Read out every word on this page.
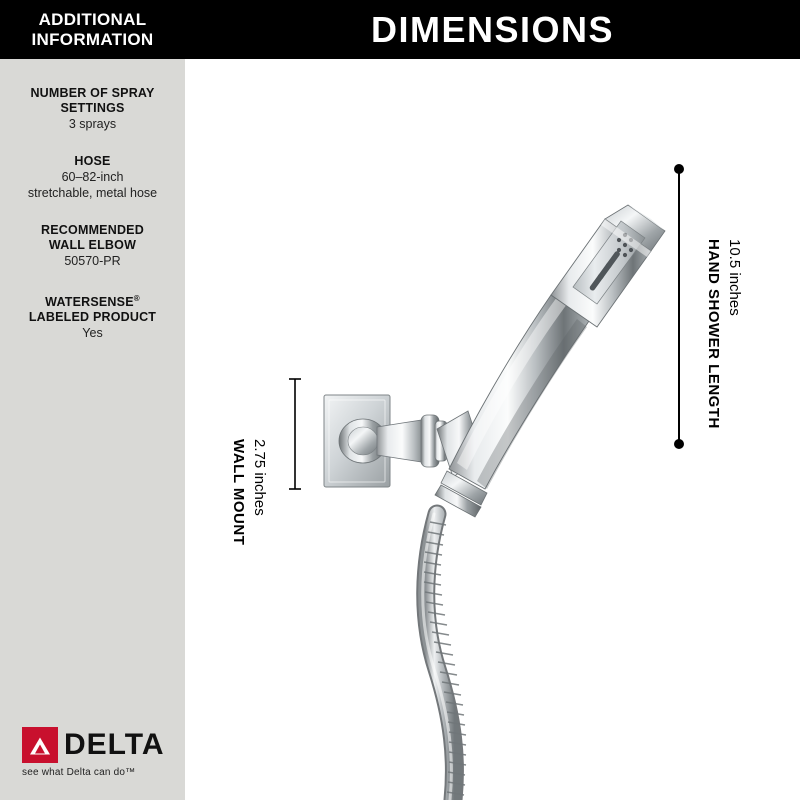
ADDITIONAL
INFORMATION
NUMBER OF SPRAY
SETTINGS
3 sprays
HOSE
60–82-inch
stretchable, metal hose
RECOMMENDED
WALL ELBOW
50570-PR
WATERSENSE®
LABELED PRODUCT
Yes
DELTA
see what Delta can do™
DIMENSIONS
HAND SHOWER LENGTH 10.5 inches
WALL MOUNT 2.75 inches
